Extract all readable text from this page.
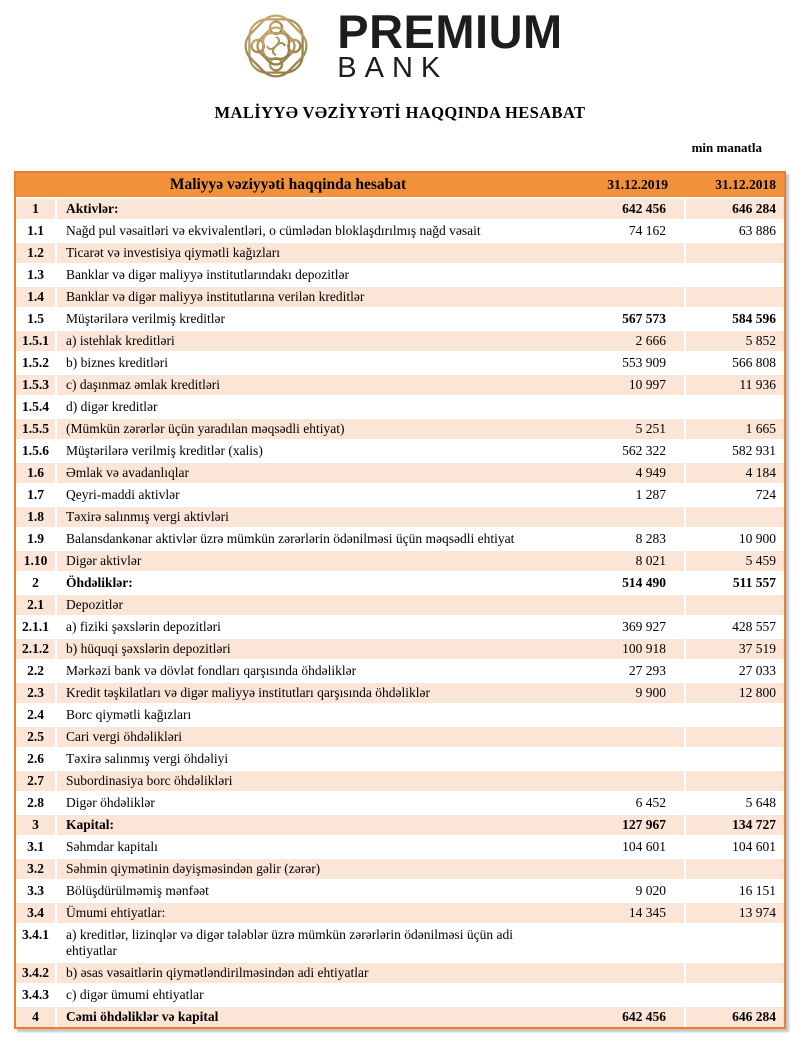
PREMIUM
BANK
MALİYYƏ VƏZİYYƏTİ HAQQINDA HESABAT
min manatla
Maliyyə vəziyyəti haqqinda hesabat		31.12.2019	31.12.2018
1	Aktivlər:	642 456	646 284
1.1	Nağd pul vəsaitləri və ekvivalentləri, o cümlədən bloklaşdırılmış nağd vəsait	74 162	63 886
1.2	Ticarət və investisiya qiymətli kağızları		
1.3	Banklar və digər maliyyə institutlarındakı depozitlər		
1.4	Banklar və digər maliyyə institutlarına verilən kreditlər		
1.5	Müştərilərə verilmiş kreditlər	567 573	584 596
1.5.1	a) istehlak kreditləri	2 666	5 852
1.5.2	b) biznes kreditləri	553 909	566 808
1.5.3	c) daşınmaz əmlak kreditləri	10 997	11 936
1.5.4	d) digər kreditlər		
1.5.5	(Mümkün zərərlər üçün yaradılan məqsədli ehtiyat)	5 251	1 665
1.5.6	Müştərilərə verilmiş kreditlər (xalis)	562 322	582 931
1.6	Əmlak və avadanlıqlar	4 949	4 184
1.7	Qeyri-maddi aktivlər	1 287	724
1.8	Təxirə salınmış vergi aktivləri		
1.9	Balansdankənar aktivlər üzrə mümkün zərərlərin ödənilməsi üçün məqsədli ehtiyat	8 283	10 900
1.10	Digər aktivlər	8 021	5 459
2	Öhdəliklər:	514 490	511 557
2.1	Depozitlər		
2.1.1	a) fiziki şəxslərin depozitləri	369 927	428 557
2.1.2	b) hüquqi şəxslərin depozitləri	100 918	37 519
2.2	Mərkəzi bank və dövlət fondları qarşısında öhdəliklər	27 293	27 033
2.3	Kredit təşkilatları və digər maliyyə institutları qarşısında öhdəliklər	9 900	12 800
2.4	Borc qiymətli kağızları		
2.5	Cari vergi öhdəlikləri		
2.6	Təxirə salınmış vergi öhdəliyi		
2.7	Subordinasiya borc öhdəlikləri		
2.8	Digər öhdəliklər	6 452	5 648
3	Kapital:	127 967	134 727
3.1	Səhmdar kapitalı	104 601	104 601
3.2	Səhmin qiymətinin dəyişməsindən gəlir (zərər)		
3.3	Bölüşdürülməmiş mənfəət	9 020	16 151
3.4	Ümumi ehtiyatlar:	14 345	13 974
3.4.1	a) kreditlər, lizinqlər və digər tələblər üzrə mümkün zərərlərin ödənilməsi üçün adi ehtiyatlar		
3.4.2	b) əsas vəsaitlərin qiymətləndirilməsindən adi ehtiyatlar		
3.4.3	c) digər ümumi ehtiyatlar		
4	Cəmi öhdəliklər və kapital	642 456	646 284
